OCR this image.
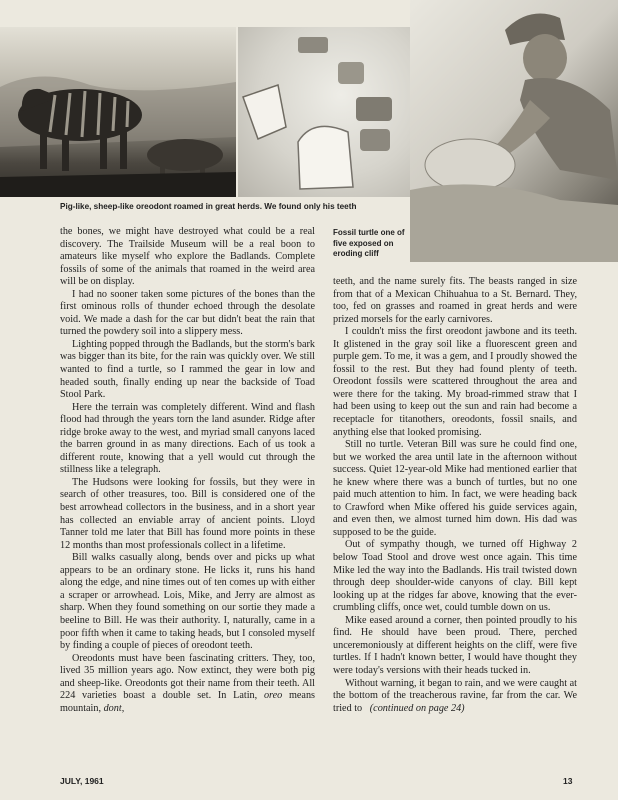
Pig-like, sheep-like oreodont roamed in great herds. We found only his teeth
Fossil turtle one of five exposed on eroding cliff

the bones, we might have destroyed what could be a real discovery. The Trailside Museum will be a real boon to amateurs like myself who explore the Badlands. Complete fossils of some of the animals that roamed in the weird area will be on display.

I had no sooner taken some pictures of the bones than the first ominous rolls of thunder echoed through the desolate void. We made a dash for the car but didn't beat the rain that turned the powdery soil into a slippery mess.

Lighting popped through the Badlands, but the storm's bark was bigger than its bite, for the rain was quickly over. We still wanted to find a turtle, so I rammed the gear in low and headed south, finally ending up near the backside of Toad Stool Park.

Here the terrain was completely different. Wind and flash flood had through the years torn the land asunder. Ridge after ridge broke away to the west, and myriad small canyons laced the barren ground in as many directions. Each of us took a different route, knowing that a yell would cut through the stillness like a telegraph.

The Hudsons were looking for fossils, but they were in search of other treasures, too. Bill is considered one of the best arrowhead collectors in the business, and in a short year has collected an enviable array of ancient points. Lloyd Tanner told me later that Bill has found more points in these 12 months than most professionals collect in a lifetime.

Bill walks casually along, bends over and picks up what appears to be an ordinary stone. He licks it, runs his hand along the edge, and nine times out of ten comes up with either a scraper or arrowhead. Lois, Mike, and Jerry are almost as sharp. When they found something on our sortie they made a beeline to Bill. He was their authority. I, naturally, came in a poor fifth when it came to taking heads, but I consoled myself by finding a couple of pieces of oreodont teeth.

Oreodonts must have been fascinating critters. They, too, lived 35 million years ago. Now extinct, they were both pig and sheep-like. Oreodonts got their name from their teeth. All 224 varieties boast a double set. In Latin, oreo means mountain, dont,

teeth, and the name surely fits. The beasts ranged in size from that of a Mexican Chihuahua to a St. Bernard. They, too, fed on grasses and roamed in great herds and were prized morsels for the early carnivores.

I couldn't miss the first oreodont jawbone and its teeth. It glistened in the gray soil like a fluorescent green and purple gem. To me, it was a gem, and I proudly showed the fossil to the rest. But they had found plenty of teeth. Oreodont fossils were scattered throughout the area and were there for the taking. My broad-rimmed straw that I had been using to keep out the sun and rain had become a receptacle for titanothers, oreodonts, fossil snails, and anything else that looked promising.

Still no turtle. Veteran Bill was sure he could find one, but we worked the area until late in the afternoon without success. Quiet 12-year-old Mike had mentioned earlier that he knew where there was a bunch of turtles, but no one paid much attention to him. In fact, we were heading back to Crawford when Mike offered his guide services again, and even then, we almost turned him down. His dad was supposed to be the guide.

Out of sympathy though, we turned off Highway 2 below Toad Stool and drove west once again. This time Mike led the way into the Badlands. His trail twisted down through deep shoulder-wide canyons of clay. Bill kept looking up at the ridges far above, knowing that the ever-crumbling cliffs, once wet, could tumble down on us.

Mike eased around a corner, then pointed proudly to his find. He should have been proud. There, perched unceremoniously at different heights on the cliff, were five turtles. If I hadn't known better, I would have thought they were today's versions with their heads tucked in.

Without warning, it began to rain, and we were caught at the bottom of the treacherous ravine, far from the car. We tried to (continued on page 24)

JULY, 1961	13
